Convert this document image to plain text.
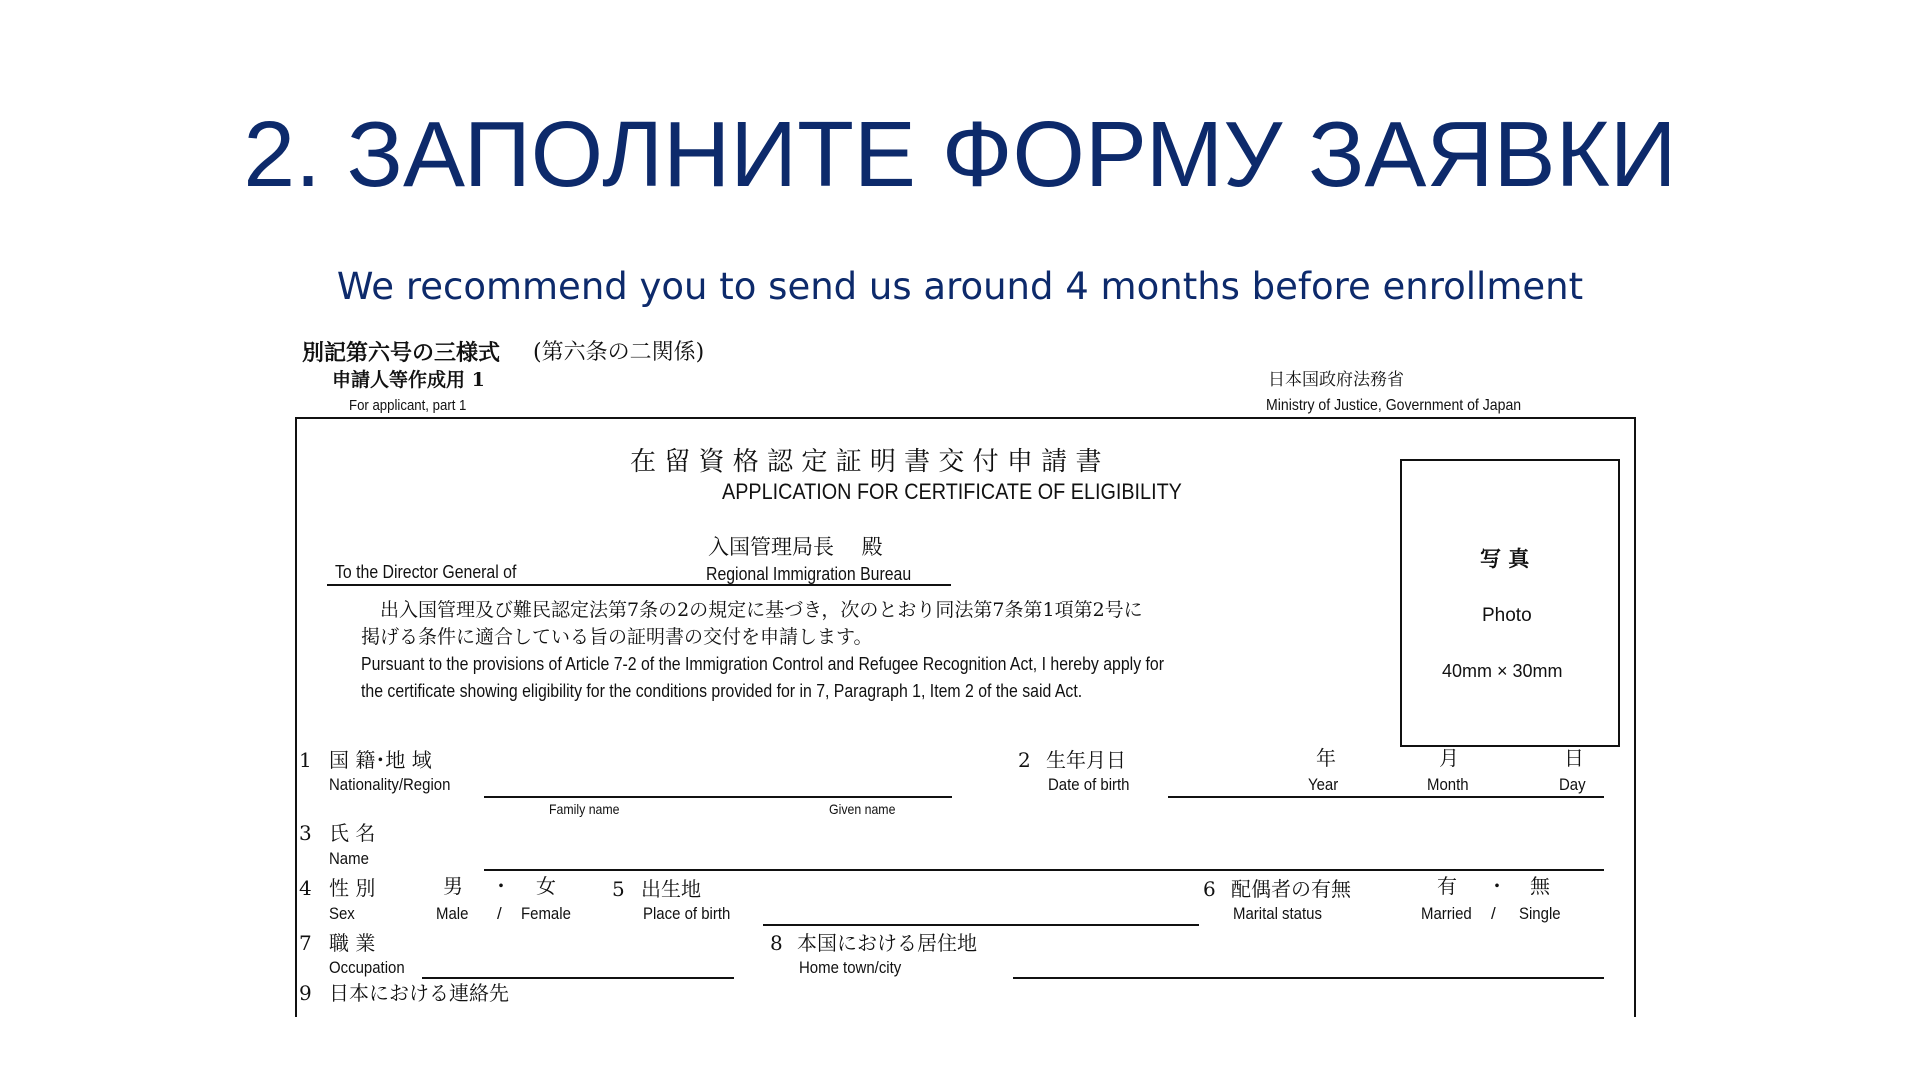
2. ЗАПОЛНИТЕ ФОРМУ ЗАЯВКИ
We recommend you to send us around 4 months before enrollment
別記第六号の三様式 (第六条の二関係)
申請人等作成用 1
For applicant, part 1
日本国政府法務省
Ministry of Justice, Government of Japan
在 留 資 格 認 定 証 明 書 交 付 申 請 書
APPLICATION FOR CERTIFICATE OF ELIGIBILITY
写 真
Photo
40mm × 30mm
To the Director General of
入国管理局長　 殿
Regional Immigration Bureau
出入国管理及び難民認定法第7条の2の規定に基づき，次のとおり同法第7条第1項第2号に
掲げる条件に適合している旨の証明書の交付を申請します。
Pursuant to the provisions of Article 7-2 of the Immigration Control and Refugee Recognition Act, I hereby apply for
the certificate showing eligibility for the conditions provided for in 7, Paragraph 1, Item 2 of the said Act.
1 国 籍･地 域
Nationality/Region
2 生年月日
Date of birth
年
Year
月
Month
日
Day
Family name	Given name
3 氏 名
Name
4 性 別
Sex
男 ・ 女
Male / Female
5 出生地
Place of birth
6 配偶者の有無
Marital status
有 ・ 無
Married / Single
7 職 業
Occupation
8 本国における居住地
Home town/city
9 日本における連絡先
